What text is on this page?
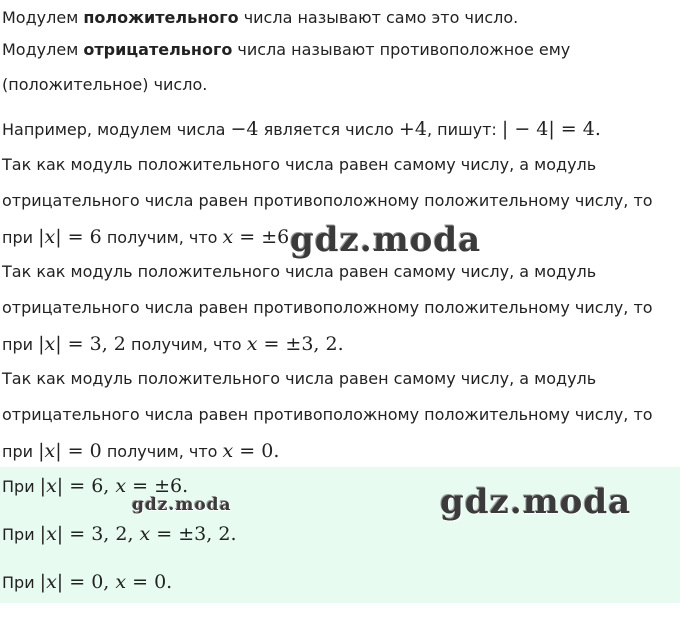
Модулем положительного числа называют само это число.
Модулем отрицательного числа называют противоположное ему
(положительное) число.
Например, модулем числа −4 является число +4, пишут: | − 4| = 4.
Так как модуль положительного числа равен самому числу, а модуль
отрицательного числа равен противоположному положительному числу, то
при |x| = 6 получим, что x = ±6.
Так как модуль положительного числа равен самому числу, а модуль
отрицательного числа равен противоположному положительному числу, то
при |x| = 3, 2 получим, что x = ±3, 2.
Так как модуль положительного числа равен самому числу, а модуль
отрицательного числа равен противоположному положительному числу, то
при |x| = 0 получим, что x = 0.
При |x| = 6, x = ±6.
При |x| = 3, 2, x = ±3, 2.
При |x| = 0, x = 0.
gdz.moda
gdz.moda
gdz.moda
